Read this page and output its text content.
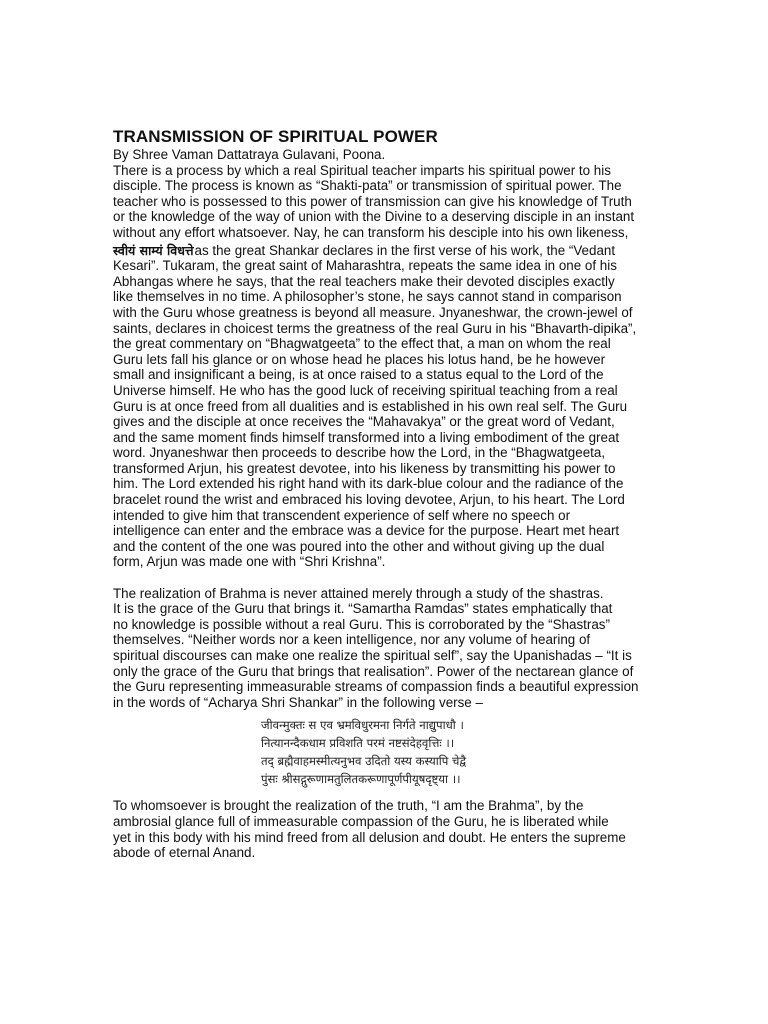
TRANSMISSION OF SPIRITUAL POWER

By Shree Vaman Dattatraya Gulavani, Poona.

There is a process by which a real Spiritual teacher imparts his spiritual power to his

disciple. The process is known as “Shakti-pata” or transmission of spiritual power. The

teacher who is possessed to this power of transmission can give his knowledge of Truth

or the knowledge of the way of union with the Divine to a deserving disciple in an instant

without any effort whatsoever. Nay, he can transform his desciple into his own likeness,

स्वीयं साम्यं विधत्तेas the great Shankar declares in the first verse of his work, the “Vedant

Kesari”. Tukaram, the great saint of Maharashtra, repeats the same idea in one of his

Abhangas where he says, that the real teachers make their devoted disciples exactly

like themselves in no time. A philosopher’s stone, he says cannot stand in comparison

with the Guru whose greatness is beyond all measure. Jnyaneshwar, the crown-jewel of

saints, declares in choicest terms the greatness of the real Guru in his “Bhavarth-dipika”,

the great commentary on “Bhagwatgeeta” to the effect that, a man on whom the real

Guru lets fall his glance or on whose head he places his lotus hand, be he however

small and insignificant a being, is at once raised to a status equal to the Lord of the

Universe himself. He who has the good luck of receiving spiritual teaching from a real

Guru is at once freed from all dualities and is established in his own real self. The Guru

gives and the disciple at once receives the “Mahavakya” or the great word of Vedant,

and the same moment finds himself transformed into a living embodiment of the great

word. Jnyaneshwar then proceeds to describe how the Lord, in the “Bhagwatgeeta,

transformed Arjun, his greatest devotee, into his likeness by transmitting his power to

him. The Lord extended his right hand with its dark-blue colour and the radiance of the

bracelet round the wrist and embraced his loving devotee, Arjun, to his heart. The Lord

intended to give him that transcendent experience of self where no speech or

intelligence can enter and the embrace was a device for the purpose. Heart met heart

and the content of the one was poured into the other and without giving up the dual

form, Arjun was made one with “Shri Krishna”.

The realization of Brahma is never attained merely through a study of the shastras.

It is the grace of the Guru that brings it. “Samartha Ramdas” states emphatically that

no knowledge is possible without a real Guru. This is corroborated by the “Shastras”

themselves. “Neither words nor a keen intelligence, nor any volume of hearing of

spiritual discourses can make one realize the spiritual self”, say the Upanishadas – “It is

only the grace of the Guru that brings that realisation”. Power of the nectarean glance of

the Guru representing immeasurable streams of compassion finds a beautiful expression

in the words of “Acharya Shri Shankar” in the following verse –

जीवन्मुक्तः स एव भ्रमविधुरमना निर्गते नाद्युपाधौ ।
नित्यानन्दैकधाम प्रविशति परमं नष्टसंदेहवृत्तिः ।।
तद् ब्रह्मैवाहमस्मीत्यनुभव उदितो यस्य कस्यापि चेद्वै
पुंसः श्रीसद्गुरूणामतुलितकरूणापूर्णपीयूषदृष्ट्या ।।

To whomsoever is brought the realization of the truth, “I am the Brahma”, by the

ambrosial glance full of immeasurable compassion of the Guru, he is liberated while

yet in this body with his mind freed from all delusion and doubt. He enters the supreme

abode of eternal Anand.
